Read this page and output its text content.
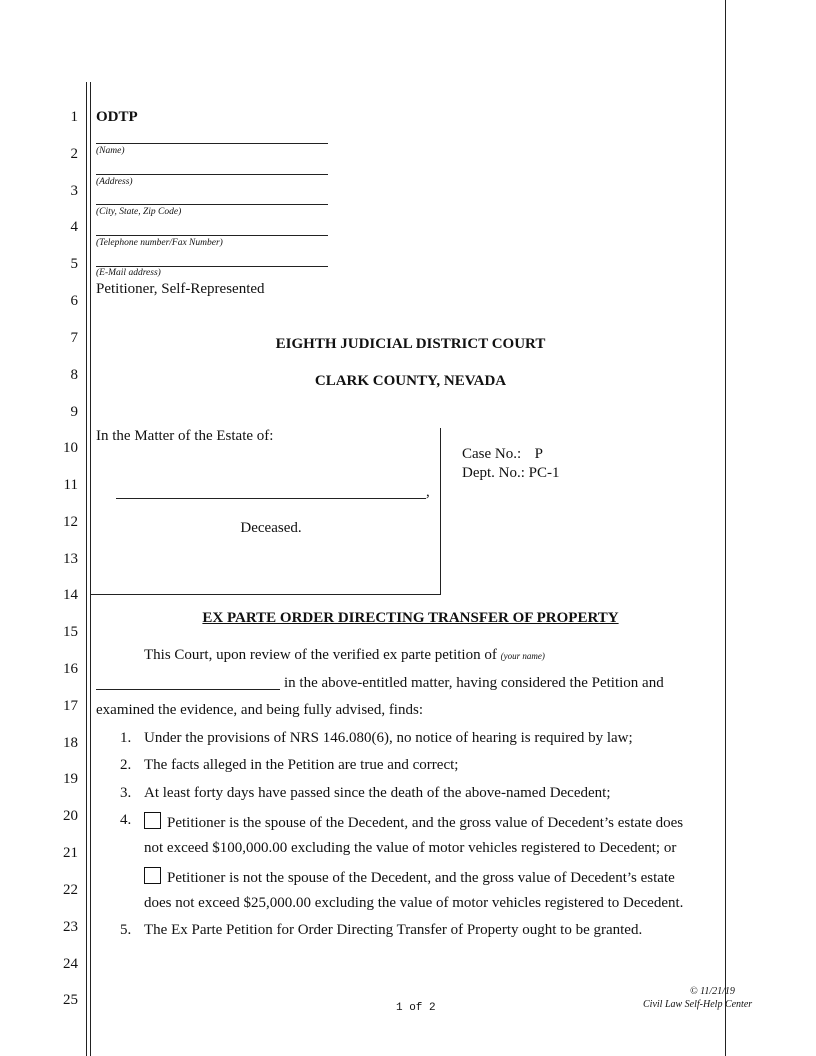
1
2
3
4
5
6
7
8
9
10
11
12
13
14
15
16
17
18
19
20
21
22
23
24
25
ODTP
(Name)
(Address)
(City, State, Zip Code)
(Telephone number/Fax Number)
(E-Mail address)
Petitioner, Self-Represented
EIGHTH JUDICIAL DISTRICT COURT
CLARK COUNTY, NEVADA
In the Matter of the Estate of:
,
Deceased.
Case No.: P
Dept. No.: PC-1
EX PARTE ORDER DIRECTING TRANSFER OF PROPERTY
This Court, upon review of the verified ex parte petition of (your name)
in the above-entitled matter, having considered the Petition and
examined the evidence, and being fully advised, finds:
1. Under the provisions of NRS 146.080(6), no notice of hearing is required by law;
2. The facts alleged in the Petition are true and correct;
3. At least forty days have passed since the death of the above-named Decedent;
4.	Petitioner is the spouse of the Decedent, and the gross value of Decedent’s estate does
not exceed $100,000.00 excluding the value of motor vehicles registered to Decedent; or
Petitioner is not the spouse of the Decedent, and the gross value of Decedent’s estate
does not exceed $25,000.00 excluding the value of motor vehicles registered to Decedent.
5. The Ex Parte Petition for Order Directing Transfer of Property ought to be granted.
1 of 2
© 11/21/19
Civil Law Self-Help Center
